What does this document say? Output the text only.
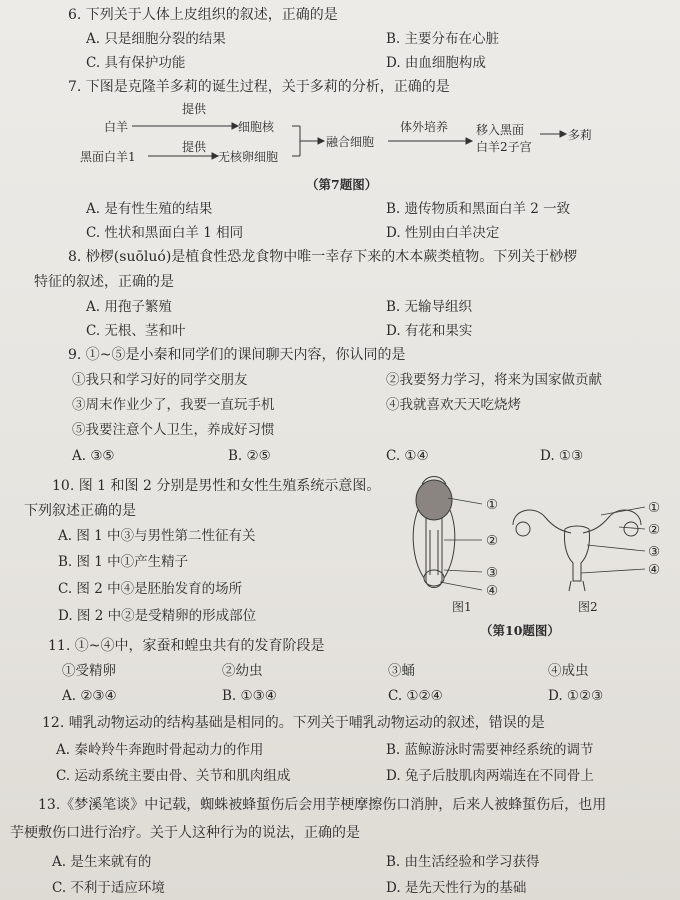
6. 下列关于人体上皮组织的叙述，正确的是
A. 只是细胞分裂的结果	B. 主要分布在心脏
C. 具有保护功能	D. 由血细胞构成
7. 下图是克隆羊多莉的诞生过程，关于多莉的分析，正确的是
白羊
提供
细胞核
黑面白羊1
提供
无核卵细胞
融合细胞
体外培养 移入黑面
白羊2子宫
多莉
（第7题图）
A. 是有性生殖的结果	B. 遗传物质和黑面白羊 2 一致
C. 性状和黑面白羊 1 相同	D. 性别由白羊决定
8. 桫椤(suōluó)是植食性恐龙食物中唯一幸存下来的木本蕨类植物。下列关于桫椤
特征的叙述，正确的是
A. 用孢子繁殖	B. 无输导组织
C. 无根、茎和叶	D. 有花和果实
9. ①~⑤是小秦和同学们的课间聊天内容，你认同的是
①我只和学习好的同学交朋友	②我要努力学习，将来为国家做贡献
③周末作业少了，我要一直玩手机	④我就喜欢天天吃烧烤
⑤我要注意个人卫生，养成好习惯
A. ③⑤	B. ②⑤	C. ①④	D. ①③
10. 图 1 和图 2 分别是男性和女性生殖系统示意图。
下列叙述正确的是
A. 图 1 中③与男性第二性征有关
B. 图 1 中①产生精子
C. 图 2 中④是胚胎发育的场所
D. 图 2 中②是受精卵的形成部位
①
②
③
④
图1
①
②
③
④
图2
（第10题图）
11. ①~④中，家蚕和蝗虫共有的发育阶段是
①受精卵	②幼虫	③蛹	④成虫
A. ②③④	B. ①③④	C. ①②④	D. ①②③
12. 哺乳动物运动的结构基础是相同的。下列关于哺乳动物运动的叙述，错误的是
A. 秦岭羚牛奔跑时骨起动力的作用	B. 蓝鲸游泳时需要神经系统的调节
C. 运动系统主要由骨、关节和肌肉组成	D. 兔子后肢肌肉两端连在不同骨上
13.《梦溪笔谈》中记载，蜘蛛被蜂蜇伤后会用芋梗摩擦伤口消肿，后来人被蜂蜇伤后，也用
芋梗敷伤口进行治疗。关于人这种行为的说法，正确的是
A. 是生来就有的	B. 由生活经验和学习获得
C. 不利于适应环境	D. 是先天性行为的基础
